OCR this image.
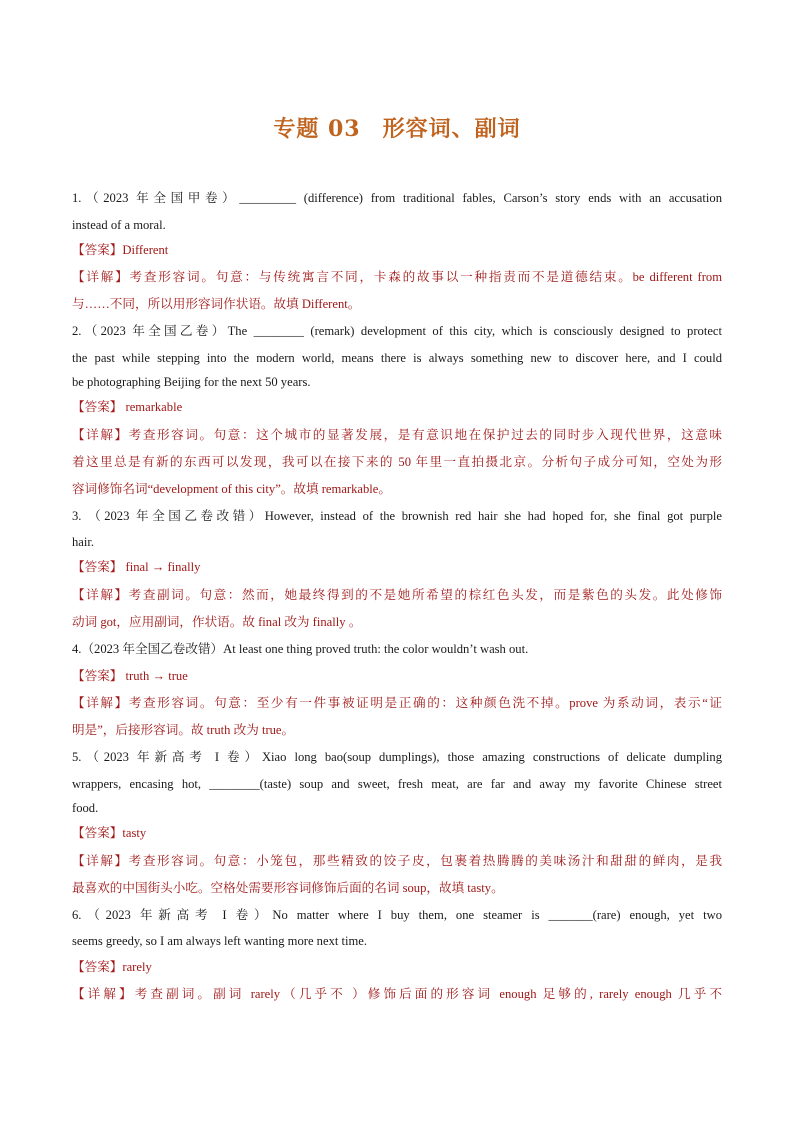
专题 03 形容词、副词
1.（2023 年全国甲卷）_________ (difference) from traditional fables, Carson’s story ends with an accusation
instead of a moral.
【答案】Different
【详解】考查形容词。句意：与传统寓言不同，卡森的故事以一种指责而不是道德结束。be different from
与……不同，所以用形容词作状语。故填 Different。
2.（2023 年全国乙卷）The ________ (remark) development of this city, which is consciously designed to protect
the past while stepping into the modern world, means there is always something new to discover here, and I could
be photographing Beijing for the next 50 years.
【答案】 remarkable
【详解】考查形容词。句意：这个城市的显著发展，是有意识地在保护过去的同时步入现代世界，这意味
着这里总是有新的东西可以发现，我可以在接下来的 50 年里一直拍摄北京。分析句子成分可知，空处为形
容词修饰名词“development of this city”。故填 remarkable。
3. （2023 年全国乙卷改错）However, instead of the brownish red hair she had hoped for, she final got purple
hair.
【答案】 final → finally
【详解】考查副词。句意：然而，她最终得到的不是她所希望的棕红色头发，而是紫色的头发。此处修饰
动词 got，应用副词，作状语。故 final 改为 finally 。
4.（2023 年全国乙卷改错）At least one thing proved truth: the color wouldn’t wash out.
【答案】 truth → true
【详解】考查形容词。句意：至少有一件事被证明是正确的：这种颜色洗不掉。prove 为系动词，表示“证
明是”，后接形容词。故 truth 改为 true。
5.（2023 年新高考 I 卷）Xiao long bao(soup dumplings), those amazing constructions of delicate dumpling
wrappers, encasing hot, ________(taste) soup and sweet, fresh meat, are far and away my favorite Chinese street
food.
【答案】tasty
【详解】考查形容词。句意：小笼包，那些精致的饺子皮，包裹着热腾腾的美味汤汁和甜甜的鲜肉，是我
最喜欢的中国街头小吃。空格处需要形容词修饰后面的名词 soup，故填 tasty。
6.（2023 年新高考 I 卷）No matter where I buy them, one steamer is _______(rare) enough, yet two
seems greedy, so I am always left wanting more next time.
【答案】rarely
【详解】考查副词。副词 rarely（几乎不 ）修饰后面的形容词 enough 足够的, rarely enough 几乎不
